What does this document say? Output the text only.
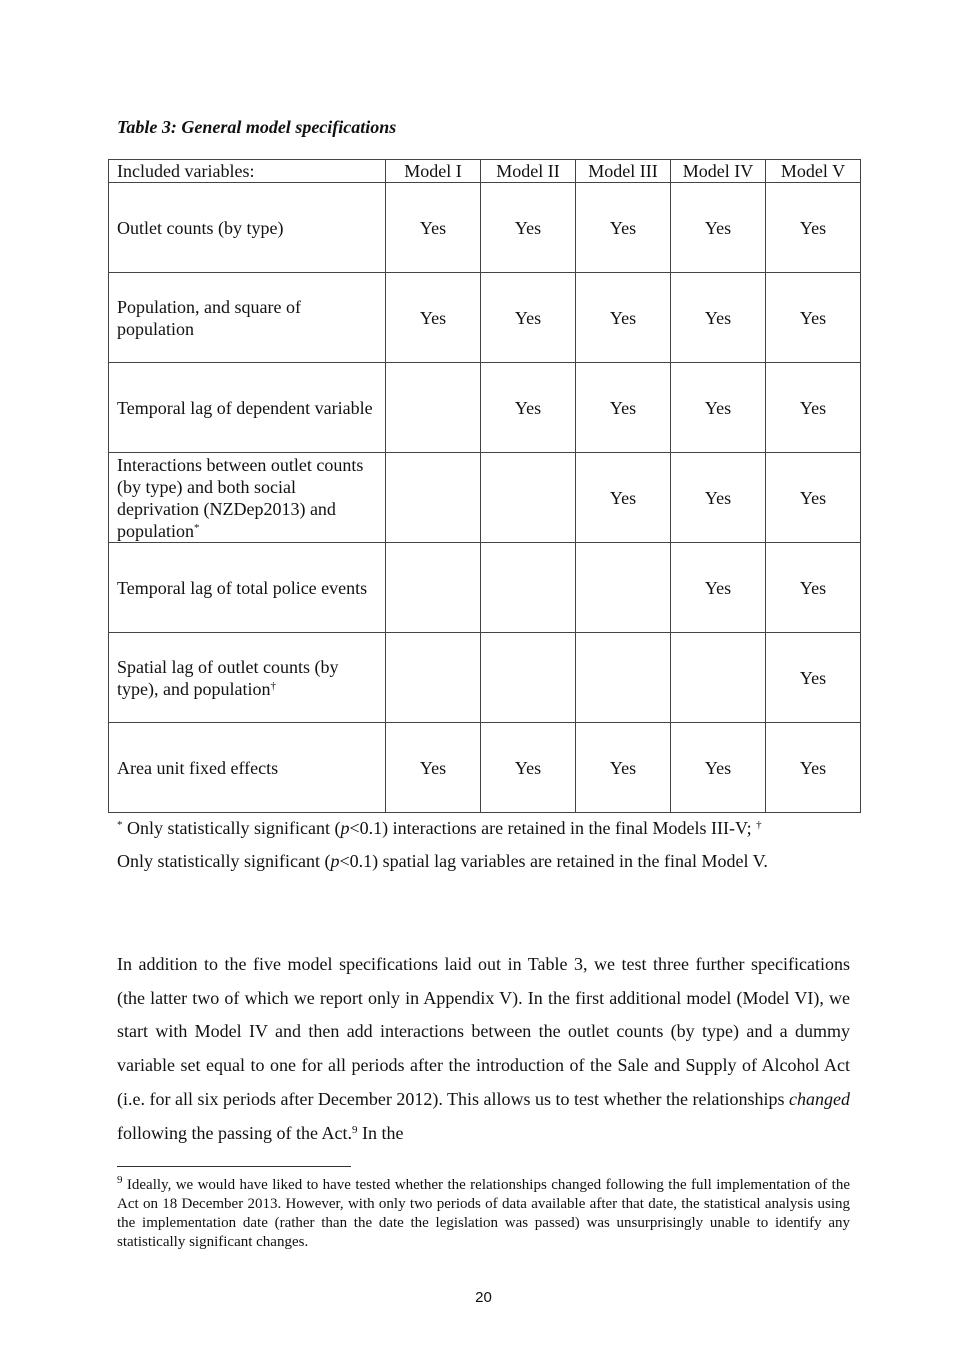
Table 3: General model specifications
Included variables:	Model I	Model II	Model III	Model IV	Model V
Outlet counts (by type)	Yes	Yes	Yes	Yes	Yes
Population, and square of population	Yes	Yes	Yes	Yes	Yes
Temporal lag of dependent variable		Yes	Yes	Yes	Yes
Interactions between outlet counts (by type) and both social deprivation (NZDep2013) and population*			Yes	Yes	Yes
Temporal lag of total police events				Yes	Yes
Spatial lag of outlet counts (by type), and population†					Yes
Area unit fixed effects	Yes	Yes	Yes	Yes	Yes
* Only statistically significant (p<0.1) interactions are retained in the final Models III-V; †
Only statistically significant (p<0.1) spatial lag variables are retained in the final Model V.
In addition to the five model specifications laid out in Table 3, we test three further specifications (the latter two of which we report only in Appendix V). In the first additional model (Model VI), we start with Model IV and then add interactions between the outlet counts (by type) and a dummy variable set equal to one for all periods after the introduction of the Sale and Supply of Alcohol Act (i.e. for all six periods after December 2012). This allows us to test whether the relationships changed following the passing of the Act.$^9$ In the
$^9$ Ideally, we would have liked to have tested whether the relationships changed following the full implementation of the Act on 18 December 2013. However, with only two periods of data available after that date, the statistical analysis using the implementation date (rather than the date the legislation was passed) was unsurprisingly unable to identify any statistically significant changes.
20
